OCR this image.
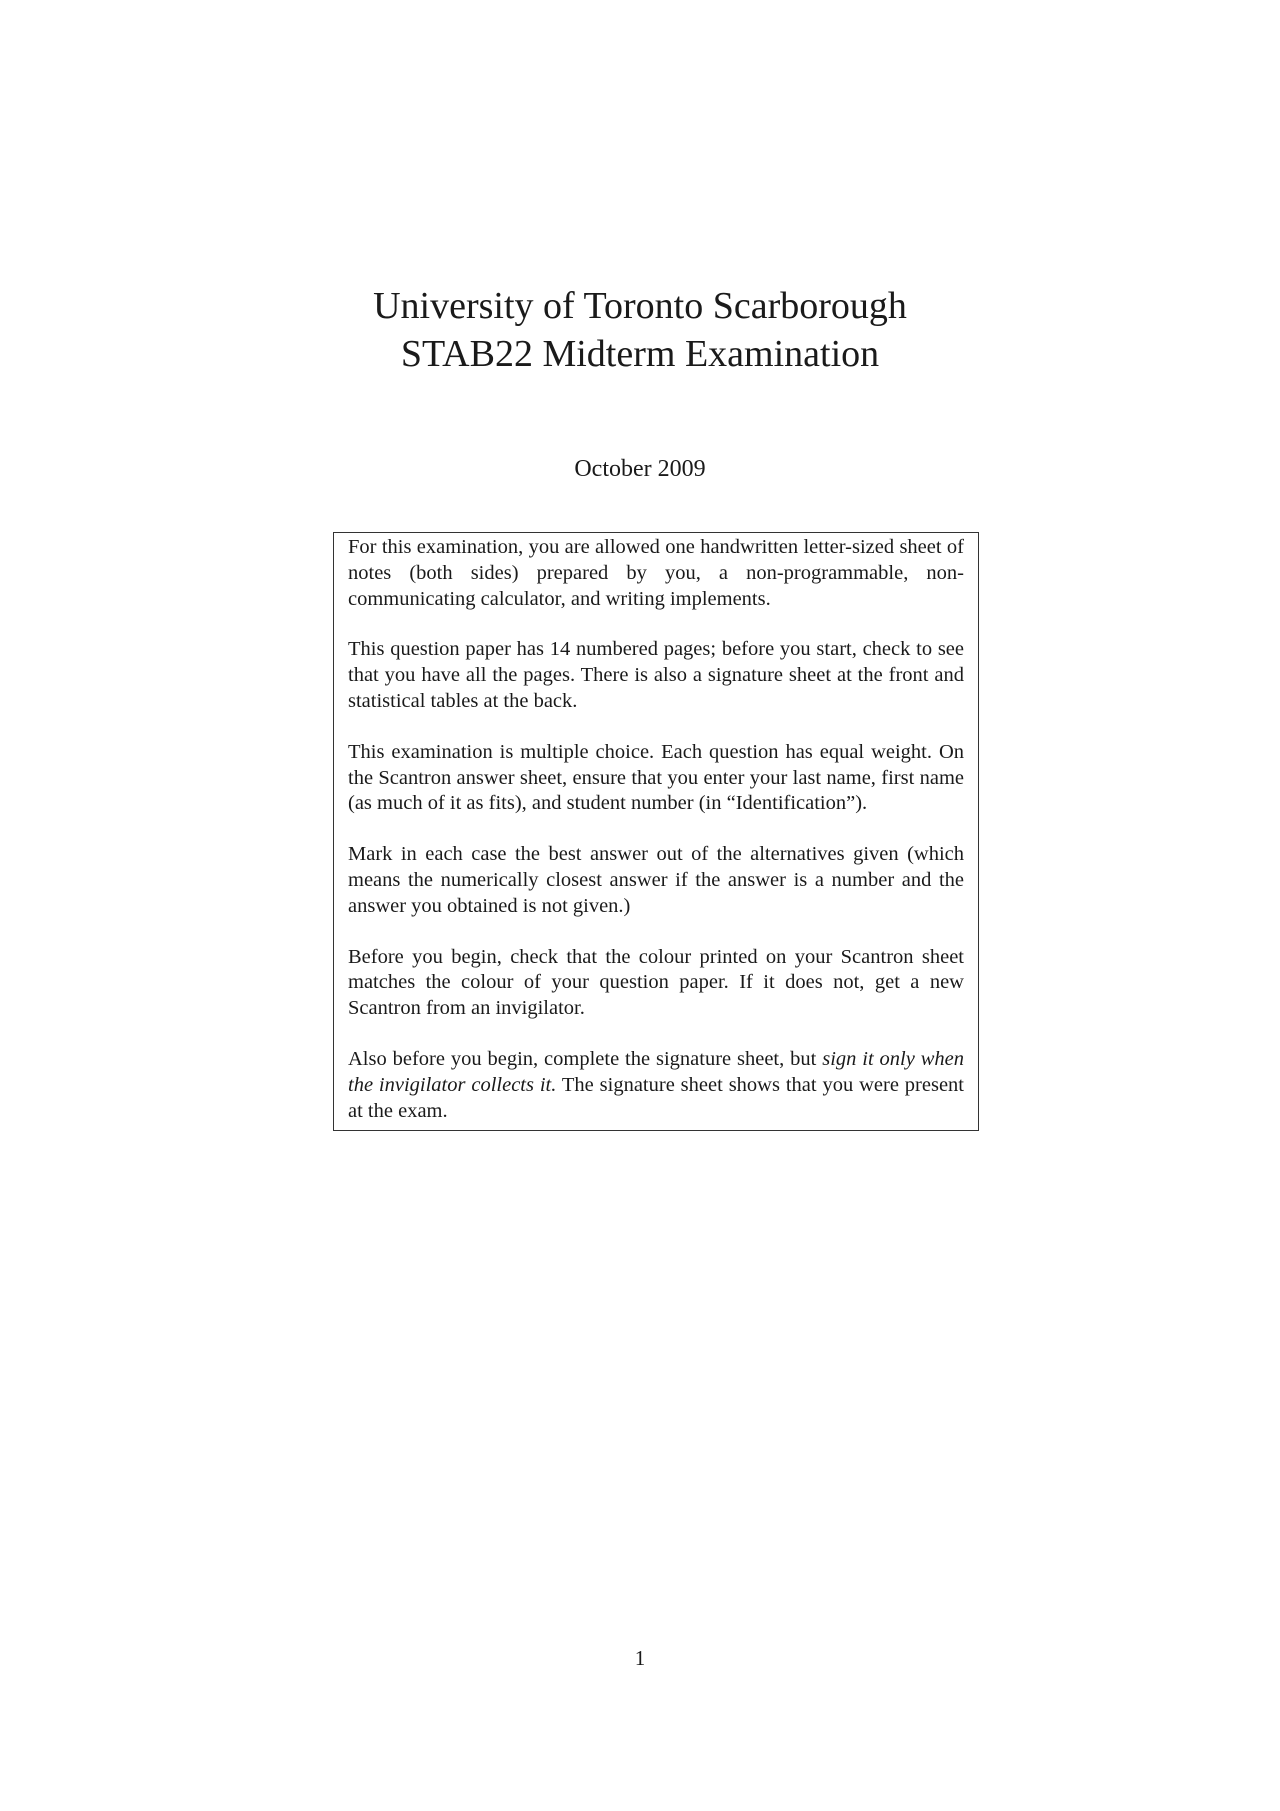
University of Toronto Scarborough
STAB22 Midterm Examination
October 2009

For this examination, you are allowed one handwritten letter-sized sheet of notes (both sides) prepared by you, a non-programmable, non-communicating calculator, and writing implements.

This question paper has 14 numbered pages; before you start, check to see that you have all the pages. There is also a signature sheet at the front and statistical tables at the back.

This examination is multiple choice. Each question has equal weight. On the Scantron answer sheet, ensure that you enter your last name, first name (as much of it as fits), and student number (in “Identification”).

Mark in each case the best answer out of the alternatives given (which means the numerically closest answer if the answer is a number and the answer you obtained is not given.)

Before you begin, check that the colour printed on your Scantron sheet matches the colour of your question paper. If it does not, get a new Scantron from an invigilator.

Also before you begin, complete the signature sheet, but sign it only when the invigilator collects it. The signature sheet shows that you were present at the exam.

1
